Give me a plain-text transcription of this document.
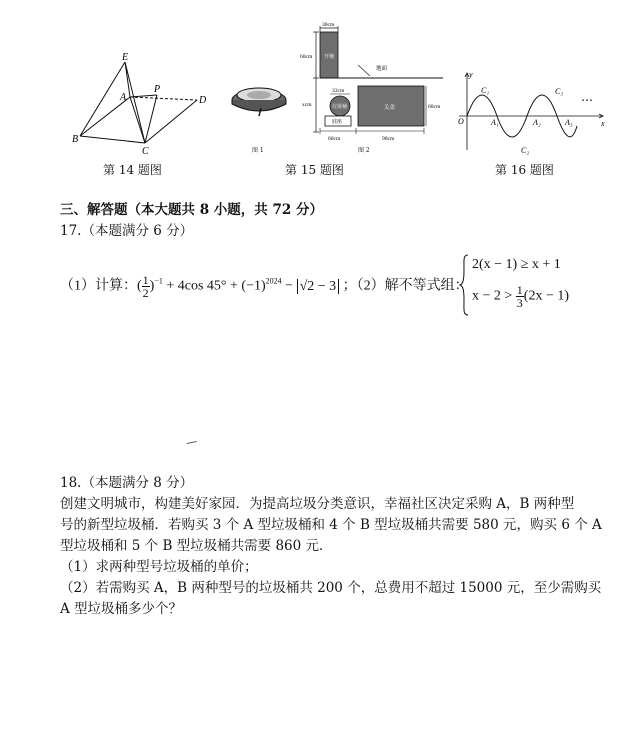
E
A
P
D
B
C
第 14 题图
图 1
30cm
60cm 开桶
地面
33cm
xcm	垃圾桶
底座
关盖	60cm
60cm	90cm
图 2
第 15 题图
y
x
O
C₁
C₂
C₃
A₁	A₂	A₃
⋯
第 16 题图
三、解答题（本大题共 8 小题，共 72 分）
17.（本题满分 6 分）
（1）计算：( $\frac{1}{2} )^{-1} + 4\cos$ $45^\circ + (-1)^{2024} - √2 - 3$ ；（2）解不等式组：
2(x − 1) ≥ x + 1
$x - 2 > \frac{1}{3} (2x - 1)$
18.（本题满分 8 分）
创建文明城市，构建美好家园．为提高垃圾分类意识，幸福社区决定采购 A，B 两种型
号的新型垃圾桶．若购买 3 个 A 型垃圾桶和 4 个 B 型垃圾桶共需要 580 元，购买 6 个 A
型垃圾桶和 5 个 B 型垃圾桶共需要 860 元．
（1）求两种型号垃圾桶的单价；
（2）若需购买 A，B 两种型号的垃圾桶共 200 个，总费用不超过 15000 元，至少需购买
A 型垃圾桶多少个？
